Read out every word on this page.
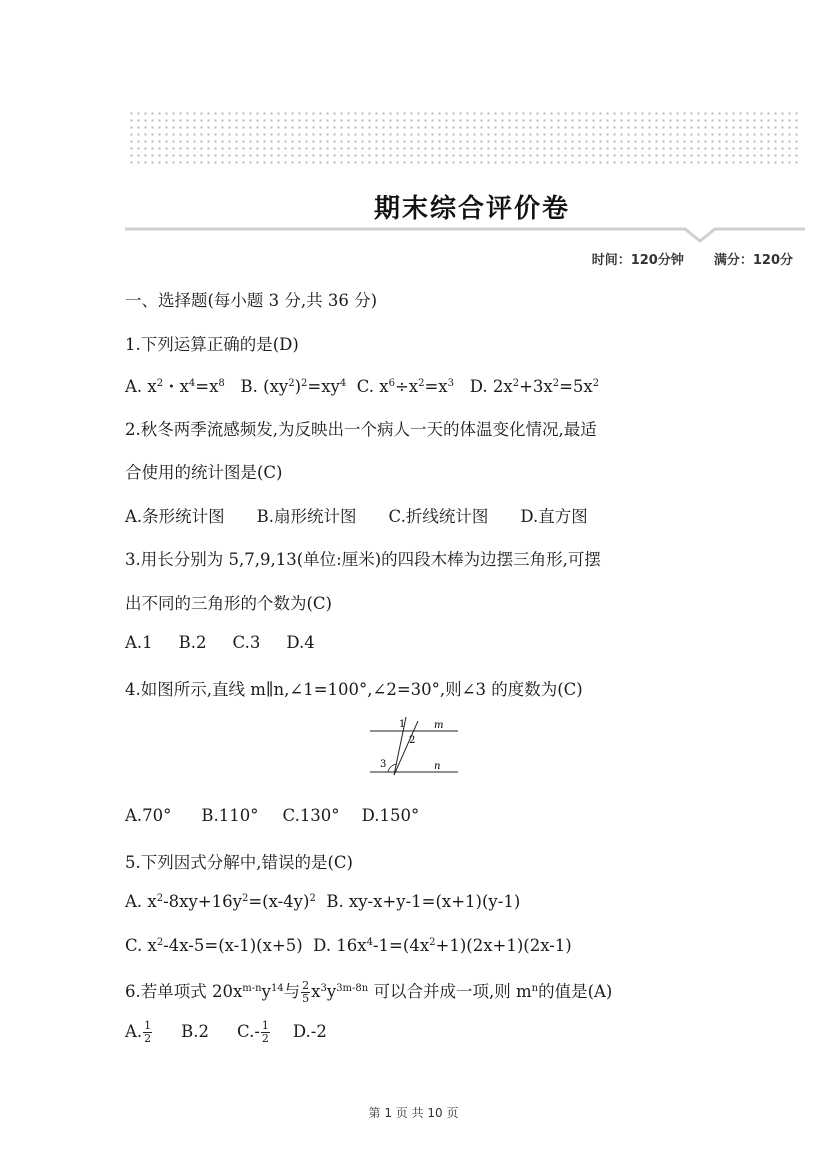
期末综合评价卷
时间：120分钟 满分：120分
一、选择题(每小题 3 分,共 36 分)
1.下列运算正确的是(D)
A. $x^2$・$x^4=x^8$ B. $(xy^2)^2=xy^4$ C. $x^6\div x^2=x^3$ D. $2x^2+3x^2=5x^2$
2.秋冬两季流感频发,为反映出一个病人一天的体温变化情况,最适
合使用的统计图是(C)
A.条形统计图 B.扇形统计图 C.折线统计图 D.直方图
3.用长分别为 5,7,9,13(单位:厘米)的四段木棒为边摆三角形,可摆
出不同的三角形的个数为(C)
A.1 B.2 C.3 D.4
4.如图所示,直线 m∥n,∠1=100°,∠2=30°,则∠3 的度数为(C)
1
2
3
m
n
A.70° B.110° C.130° D.150°
5.下列因式分解中,错误的是(C)
A. $x^2-8xy+16y^2=(x-4y)^2$ B. xy-x+y-1=(x+1)(y-1)
C. $x^2-4x-5=(x-1)(x+5)$ D. $16x^4-1=(4x^2+1)(2x+1)(2x-1)$
6.若单项式 $20x^{m-n}y^{14}$与 $\frac{2}{5} x^3y^{3m-8n}$ 可以合并成一项,则 $m^n$的值是(A)
A. $\frac{1}{2} B.2$ $C.- \frac{1}{2} D.-2$
第 1 页 共 10 页
